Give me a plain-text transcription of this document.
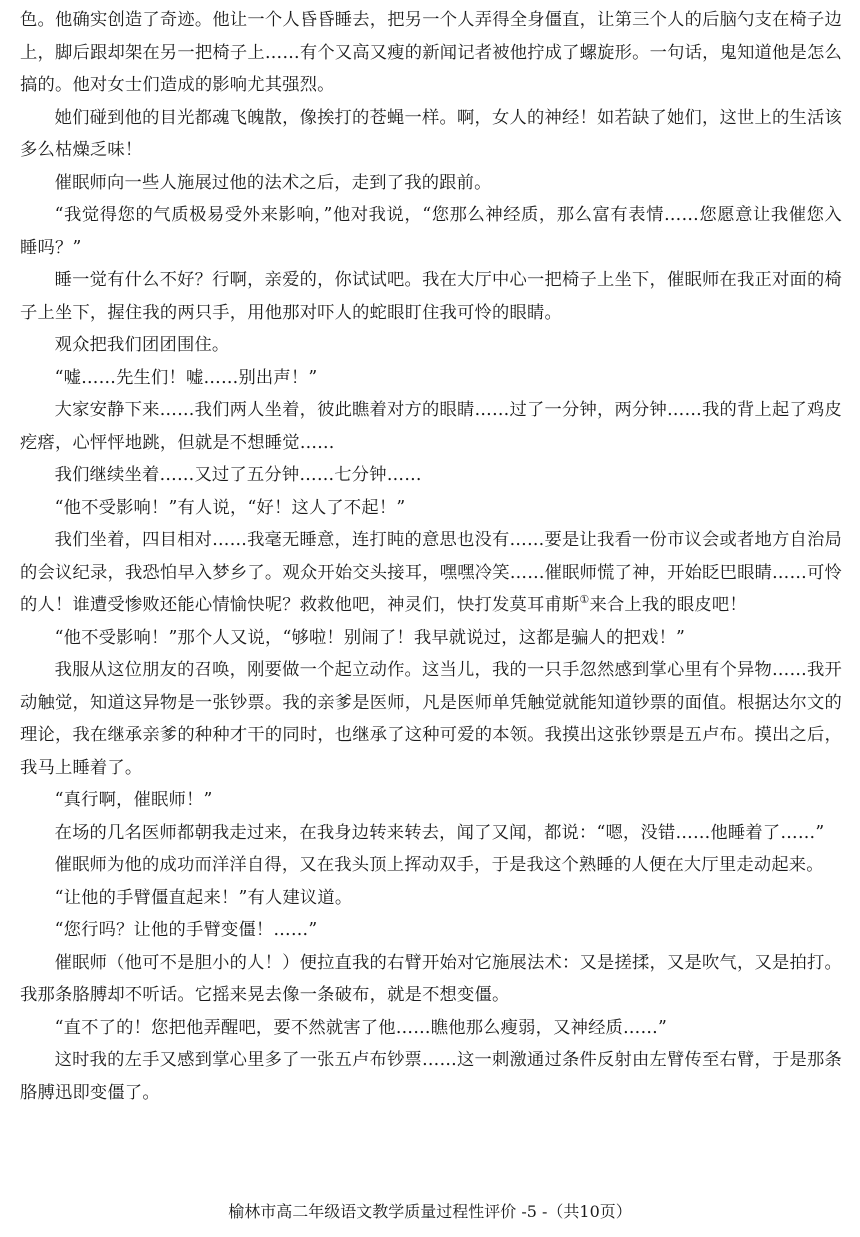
色。他确实创造了奇迹。他让一个人昏昏睡去，把另一个人弄得全身僵直，让第三个人的后脑勺支在椅子边上，脚后跟却架在另一把椅子上……有个又高又瘦的新闻记者被他拧成了螺旋形。一句话，鬼知道他是怎么搞的。他对女士们造成的影响尤其强烈。

她们碰到他的目光都魂飞魄散，像挨打的苍蝇一样。啊，女人的神经！如若缺了她们，这世上的生活该多么枯燥乏味！

催眠师向一些人施展过他的法术之后，走到了我的跟前。

“我觉得您的气质极易受外来影响，”他对我说，“您那么神经质，那么富有表情……您愿意让我催您入睡吗？”

睡一觉有什么不好？行啊，亲爱的，你试试吧。我在大厅中心一把椅子上坐下，催眠师在我正对面的椅子上坐下，握住我的两只手，用他那对吓人的蛇眼盯住我可怜的眼睛。

观众把我们团团围住。

“嘘……先生们！嘘……别出声！”

大家安静下来……我们两人坐着，彼此瞧着对方的眼睛……过了一分钟，两分钟……我的背上起了鸡皮疙瘩，心怦怦地跳，但就是不想睡觉……

我们继续坐着……又过了五分钟……七分钟……

“他不受影响！”有人说，“好！这人了不起！”

我们坐着，四目相对……我毫无睡意，连打盹的意思也没有……要是让我看一份市议会或者地方自治局的会议纪录，我恐怕早入梦乡了。观众开始交头接耳，嘿嘿冷笑……催眠师慌了神，开始眨巴眼睛……可怜的人！谁遭受惨败还能心情愉快呢？救救他吧，神灵们，快打发莫耳甫斯①来合上我的眼皮吧！

“他不受影响！”那个人又说，“够啦！别闹了！我早就说过，这都是骗人的把戏！”

我服从这位朋友的召唤，刚要做一个起立动作。这当儿，我的一只手忽然感到掌心里有个异物……我开动触觉，知道这异物是一张钞票。我的亲爹是医师，凡是医师单凭触觉就能知道钞票的面值。根据达尔文的理论，我在继承亲爹的种种才干的同时，也继承了这种可爱的本领。我摸出这张钞票是五卢布。摸出之后，我马上睡着了。

“真行啊，催眠师！”

在场的几名医师都朝我走过来，在我身边转来转去，闻了又闻，都说：“嗯，没错……他睡着了……”

催眠师为他的成功而洋洋自得，又在我头顶上挥动双手，于是我这个熟睡的人便在大厅里走动起来。

“让他的手臂僵直起来！”有人建议道。

“您行吗？让他的手臂变僵！……”

催眠师（他可不是胆小的人！）便拉直我的右臂开始对它施展法术：又是搓揉，又是吹气，又是拍打。我那条胳膊却不听话。它摇来晃去像一条破布，就是不想变僵。

“直不了的！您把他弄醒吧，要不然就害了他……瞧他那么瘦弱，又神经质……”

这时我的左手又感到掌心里多了一张五卢布钞票……这一刺激通过条件反射由左臂传至右臂，于是那条胳膊迅即变僵了。

榆林市高二年级语文教学质量过程性评价 -5 -（共10页）
